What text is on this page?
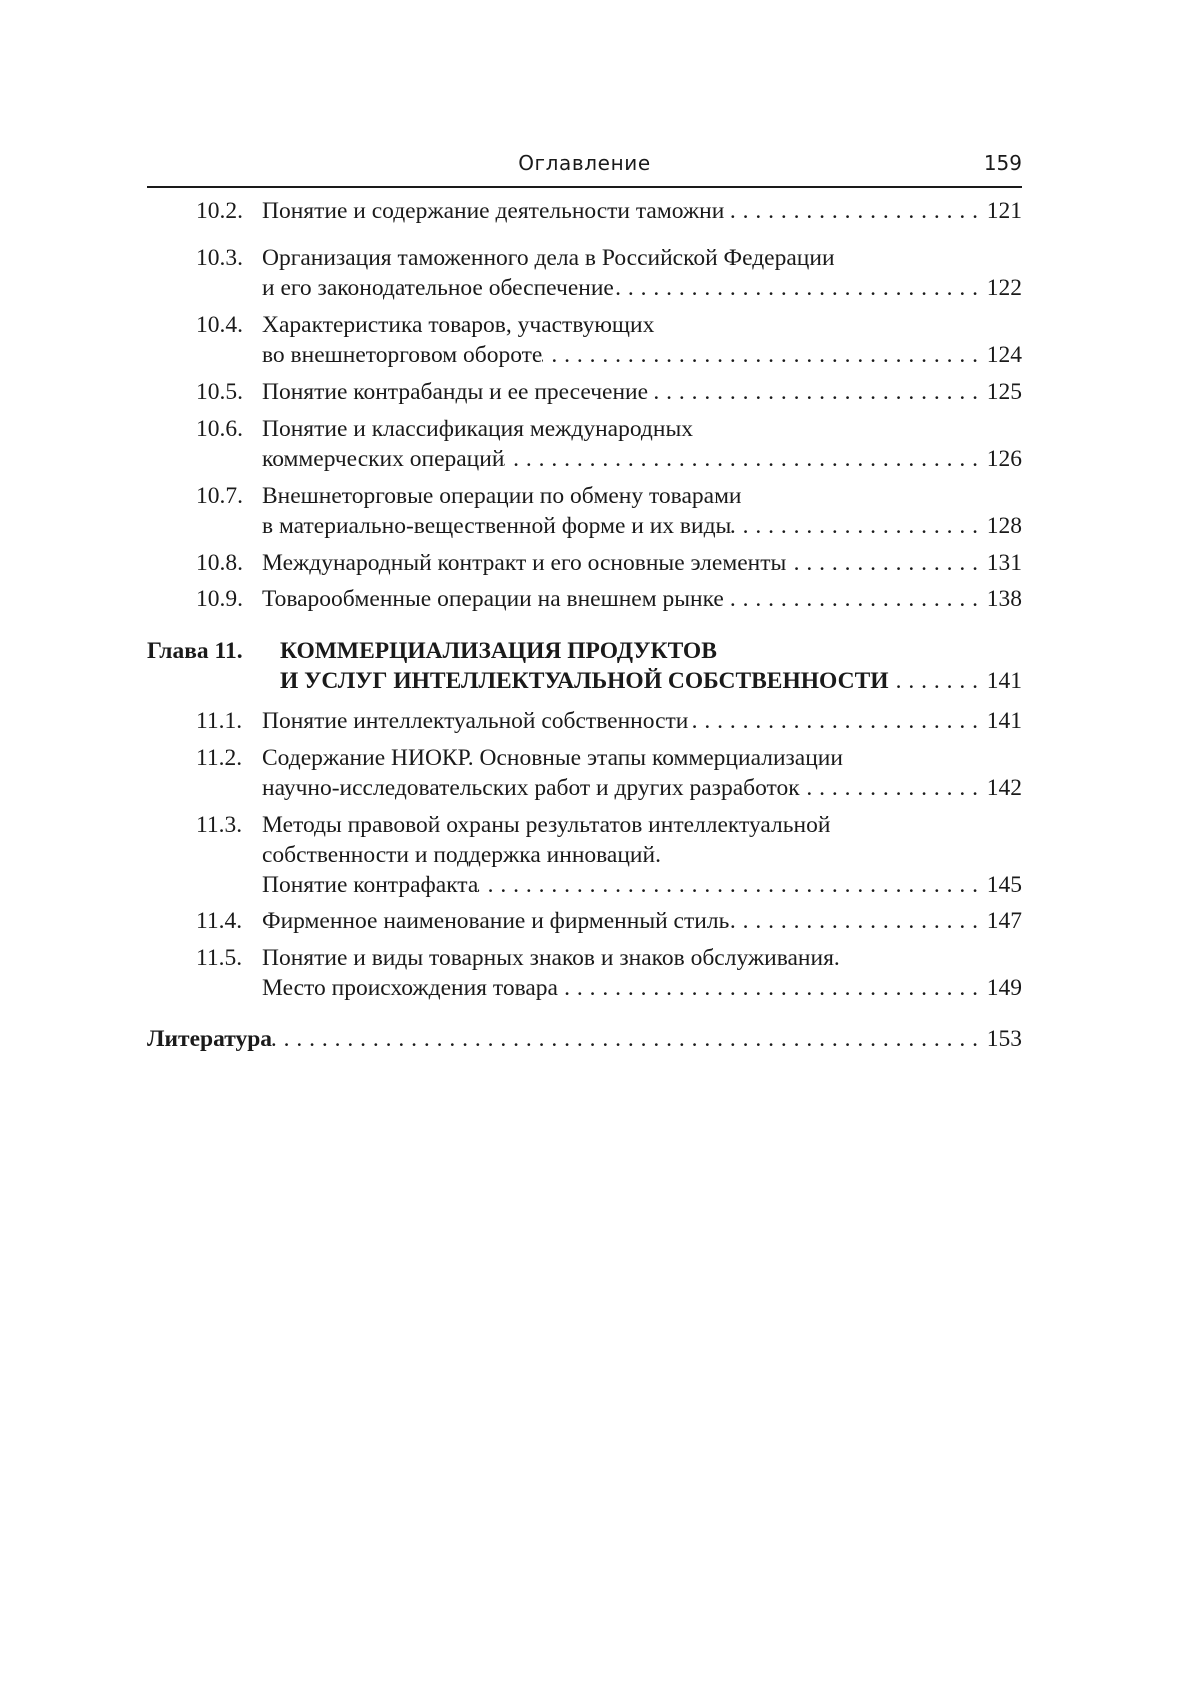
Оглавление	159
10.2. Понятие и содержание деятельности таможни . . .	121
10.3. Организация таможенного дела в Российской Федерации
и его законодательное обеспечение . . .	122
10.4. Характеристика товаров, участвующих
во внешнеторговом обороте . . .	124
10.5. Понятие контрабанды и ее пресечение . . .	125
10.6. Понятие и классификация международных
коммерческих операций . . .	126
10.7. Внешнеторговые операции по обмену товарами
в материально-вещественной форме и их виды . . .	128
10.8. Международный контракт и его основные элементы . . .	131
10.9. Товарообменные операции на внешнем рынке . . .	138
Глава 11. КОММЕРЦИАЛИЗАЦИЯ ПРОДУКТОВ
И УСЛУГ ИНТЕЛЛЕКТУАЛЬНОЙ СОБСТВЕННОСТИ . . .	141
11.1. Понятие интеллектуальной собственности . . .	141
11.2. Содержание НИОКР. Основные этапы коммерциализации
научно-исследовательских работ и других разработок . . .	142
11.3. Методы правовой охраны результатов интеллектуальной
собственности и поддержка инноваций.
Понятие контрафакта . . .	145
11.4. Фирменное наименование и фирменный стиль . . .	147
11.5. Понятие и виды товарных знаков и знаков обслуживания.
Место происхождения товара . . .	149
Литература . . .	153
